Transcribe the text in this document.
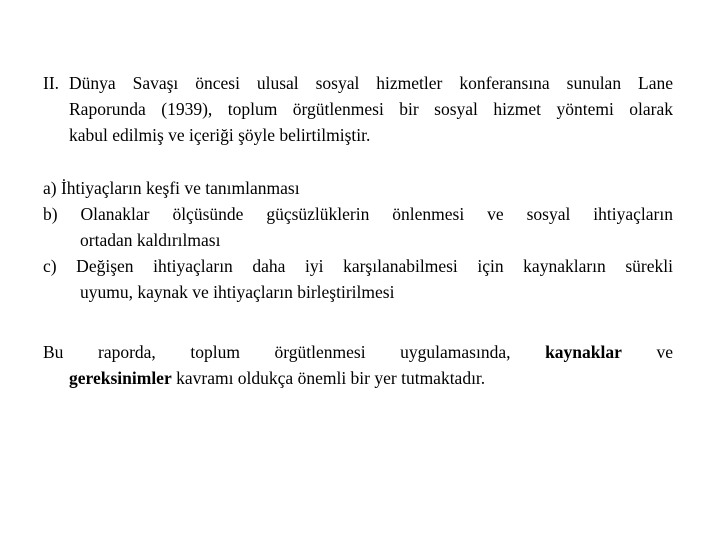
II. Dünya Savaşı öncesi ulusal sosyal hizmetler konferansına sunulan Lane
Raporunda (1939), toplum örgütlenmesi bir sosyal hizmet yöntemi olarak
kabul edilmiş ve içeriği şöyle belirtilmiştir.
a) İhtiyaçların keşfi ve tanımlanması
b) Olanaklar ölçüsünde güçsüzlüklerin önlenmesi ve sosyal ihtiyaçların
ortadan kaldırılması
c) Değişen ihtiyaçların daha iyi karşılanabilmesi için kaynakların sürekli
uyumu, kaynak ve ihtiyaçların birleştirilmesi
Bu raporda, toplum örgütlenmesi uygulamasında, kaynaklar ve
gereksinimler kavramı oldukça önemli bir yer tutmaktadır.
